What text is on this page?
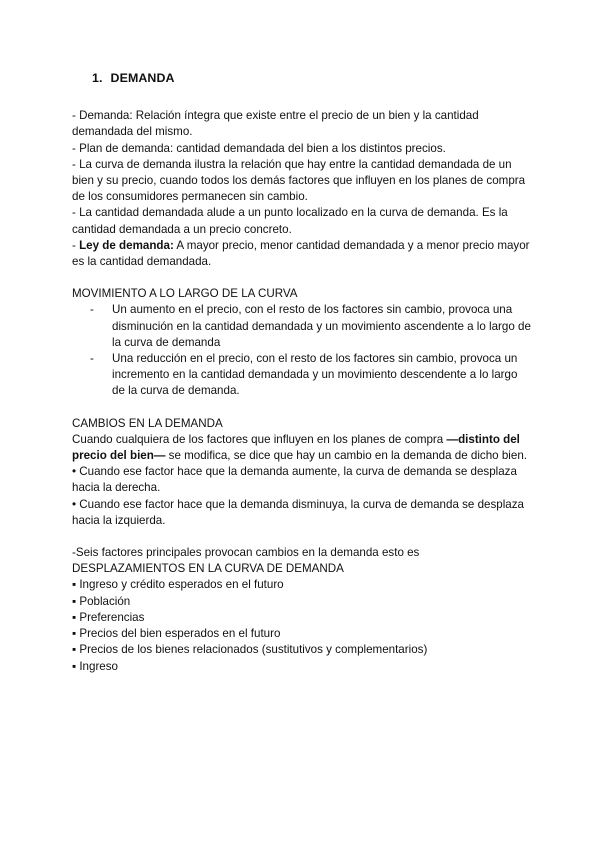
1. DEMANDA

- Demanda: Relación íntegra que existe entre el precio de un bien y la cantidad demandada del mismo.

- Plan de demanda: cantidad demandada del bien a los distintos precios.

- La curva de demanda ilustra la relación que hay entre la cantidad demandada de un bien y su precio, cuando todos los demás factores que influyen en los planes de compra de los consumidores permanecen sin cambio.

- La cantidad demandada alude a un punto localizado en la curva de demanda. Es la cantidad demandada a un precio concreto.

- Ley de demanda: A mayor precio, menor cantidad demandada y a menor precio mayor es la cantidad demandada.

MOVIMIENTO A LO LARGO DE LA CURVA

- Un aumento en el precio, con el resto de los factores sin cambio, provoca una disminución en la cantidad demandada y un movimiento ascendente a lo largo de la curva de demanda
- Una reducción en el precio, con el resto de los factores sin cambio, provoca un incremento en la cantidad demandada y un movimiento descendente a lo largo de la curva de demanda.

CAMBIOS EN LA DEMANDA

Cuando cualquiera de los factores que influyen en los planes de compra —distinto del precio del bien— se modifica, se dice que hay un cambio en la demanda de dicho bien.

• Cuando ese factor hace que la demanda aumente, la curva de demanda se desplaza hacia la derecha.

• Cuando ese factor hace que la demanda disminuya, la curva de demanda se desplaza hacia la izquierda.

-Seis factores principales provocan cambios en la demanda esto es

DESPLAZAMIENTOS EN LA CURVA DE DEMANDA

▪ Ingreso y crédito esperados en el futuro

▪ Población

▪ Preferencias

▪ Precios del bien esperados en el futuro

▪ Precios de los bienes relacionados (sustitutivos y complementarios)

▪ Ingreso
